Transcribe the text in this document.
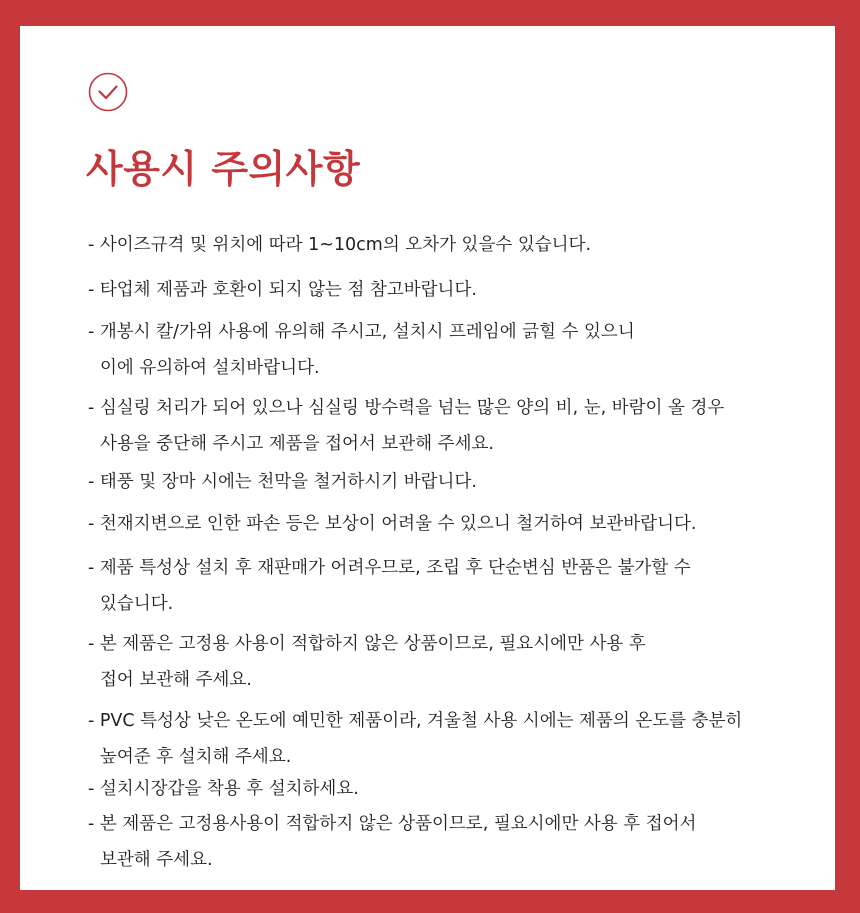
사용시 주의사항
- 사이즈규격 및 위치에 따라 1~10cm의 오차가 있을수 있습니다.
- 타업체 제품과 호환이 되지 않는 점 참고바랍니다.
- 개봉시 칼/가위 사용에 유의해 주시고, 설치시 프레임에 긁힐 수 있으니
이에 유의하여 설치바랍니다.
- 심실링 처리가 되어 있으나 심실링 방수력을 넘는 많은 양의 비, 눈, 바람이 올 경우
사용을 중단해 주시고 제품을 접어서 보관해 주세요.
- 태풍 및 장마 시에는 천막을 철거하시기 바랍니다.
- 천재지변으로 인한 파손 등은 보상이 어려울 수 있으니 철거하여 보관바랍니다.
- 제품 특성상 설치 후 재판매가 어려우므로, 조립 후 단순변심 반품은 불가할 수
있습니다.
- 본 제품은 고정용 사용이 적합하지 않은 상품이므로, 필요시에만 사용 후
접어 보관해 주세요.
- PVC 특성상 낮은 온도에 예민한 제품이라, 겨울철 사용 시에는 제품의 온도를 충분히
높여준 후 설치해 주세요.
- 설치시장갑을 착용 후 설치하세요.
- 본 제품은 고정용사용이 적합하지 않은 상품이므로, 필요시에만 사용 후 접어서
보관해 주세요.
